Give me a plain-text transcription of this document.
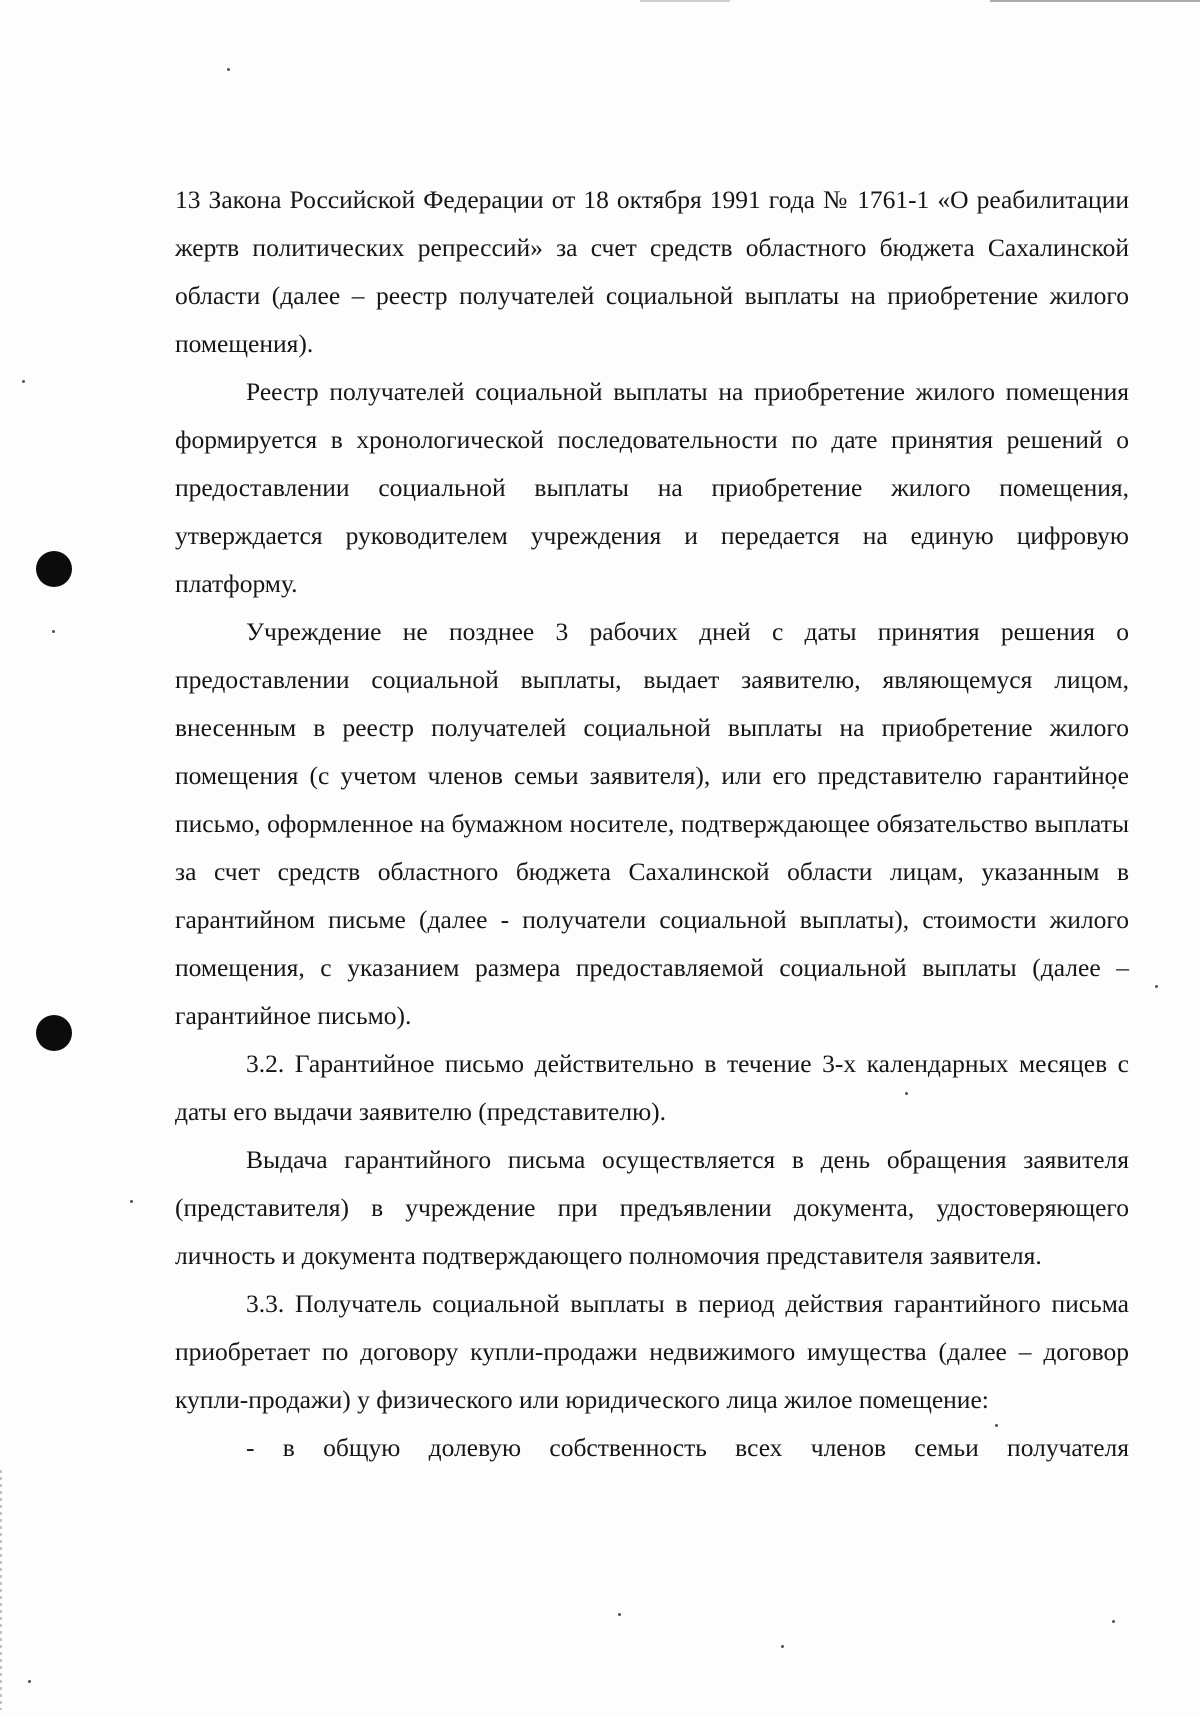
13 Закона Российской Федерации от 18 октября 1991 года № 1761-1 «О реабилитации жертв политических репрессий» за счет средств областного бюджета Сахалинской области (далее – реестр получателей социальной выплаты на приобретение жилого помещения).

Реестр получателей социальной выплаты на приобретение жилого помещения формируется в хронологической последовательности по дате принятия решений о предоставлении социальной выплаты на приобретение жилого помещения, утверждается руководителем учреждения и передается на единую цифровую платформу.

Учреждение не позднее 3 рабочих дней с даты принятия решения о предоставлении социальной выплаты, выдает заявителю, являющемуся лицом, внесенным в реестр получателей социальной выплаты на приобретение жилого помещения (с учетом членов семьи заявителя), или его представителю гарантийное письмо, оформленное на бумажном носителе, подтверждающее обязательство выплаты за счет средств областного бюджета Сахалинской области лицам, указанным в гарантийном письме (далее - получатели социальной выплаты), стоимости жилого помещения, с указанием размера предоставляемой социальной выплаты (далее – гарантийное письмо).

3.2. Гарантийное письмо действительно в течение 3-х календарных месяцев с даты его выдачи заявителю (представителю).

Выдача гарантийного письма осуществляется в день обращения заявителя (представителя) в учреждение при предъявлении документа, удостоверяющего личность и документа подтверждающего полномочия представителя заявителя.

3.3. Получатель социальной выплаты в период действия гарантийного письма приобретает по договору купли-продажи недвижимого имущества (далее – договор купли-продажи) у физического или юридического лица жилое помещение:

- в общую долевую собственность всех членов семьи получателя
